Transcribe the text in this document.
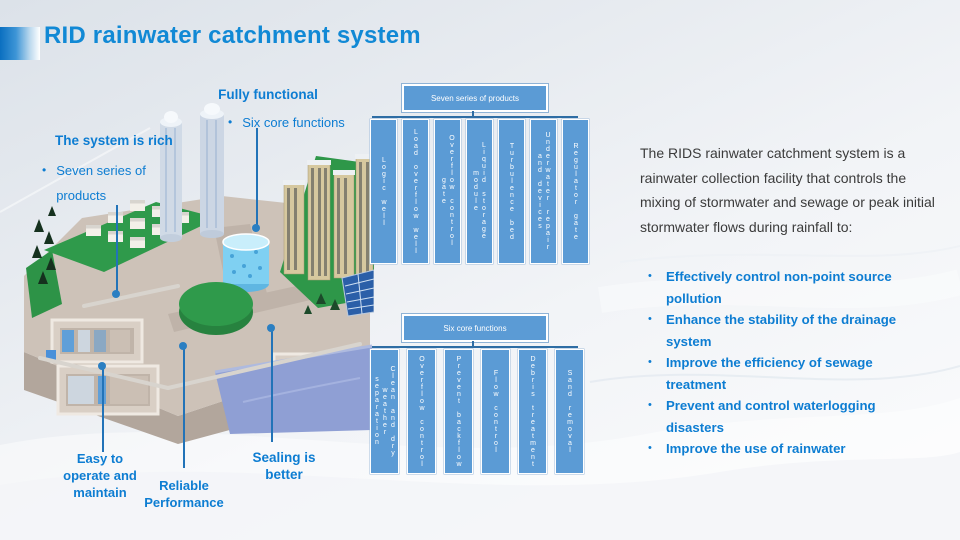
RID rainwater catchment system
Fully functional
• Six core functions
The system is rich
• Seven series of products
Easy to operate and maintain	Reliable Performance
Sealing is better
Seven series of products
Logic well	Load overflow well	Overflow control gate	Liquid storage module	Turbulence bed	Underwater repair and devices	Regulator gate
Six core functions
Clean and dry weather separation	Overflow control	Prevent backflow	Flow control	Debris treatment	Sand removal
The RIDS rainwater catchment system is a rainwater collection facility that controls the mixing of stormwater and sewage or peak initial stormwater flows during rainfall to:
• Effectively control non-point source pollution
• Enhance the stability of the drainage system
• Improve the efficiency of sewage treatment
• Prevent and control waterlogging disasters
• Improve the use of rainwater
